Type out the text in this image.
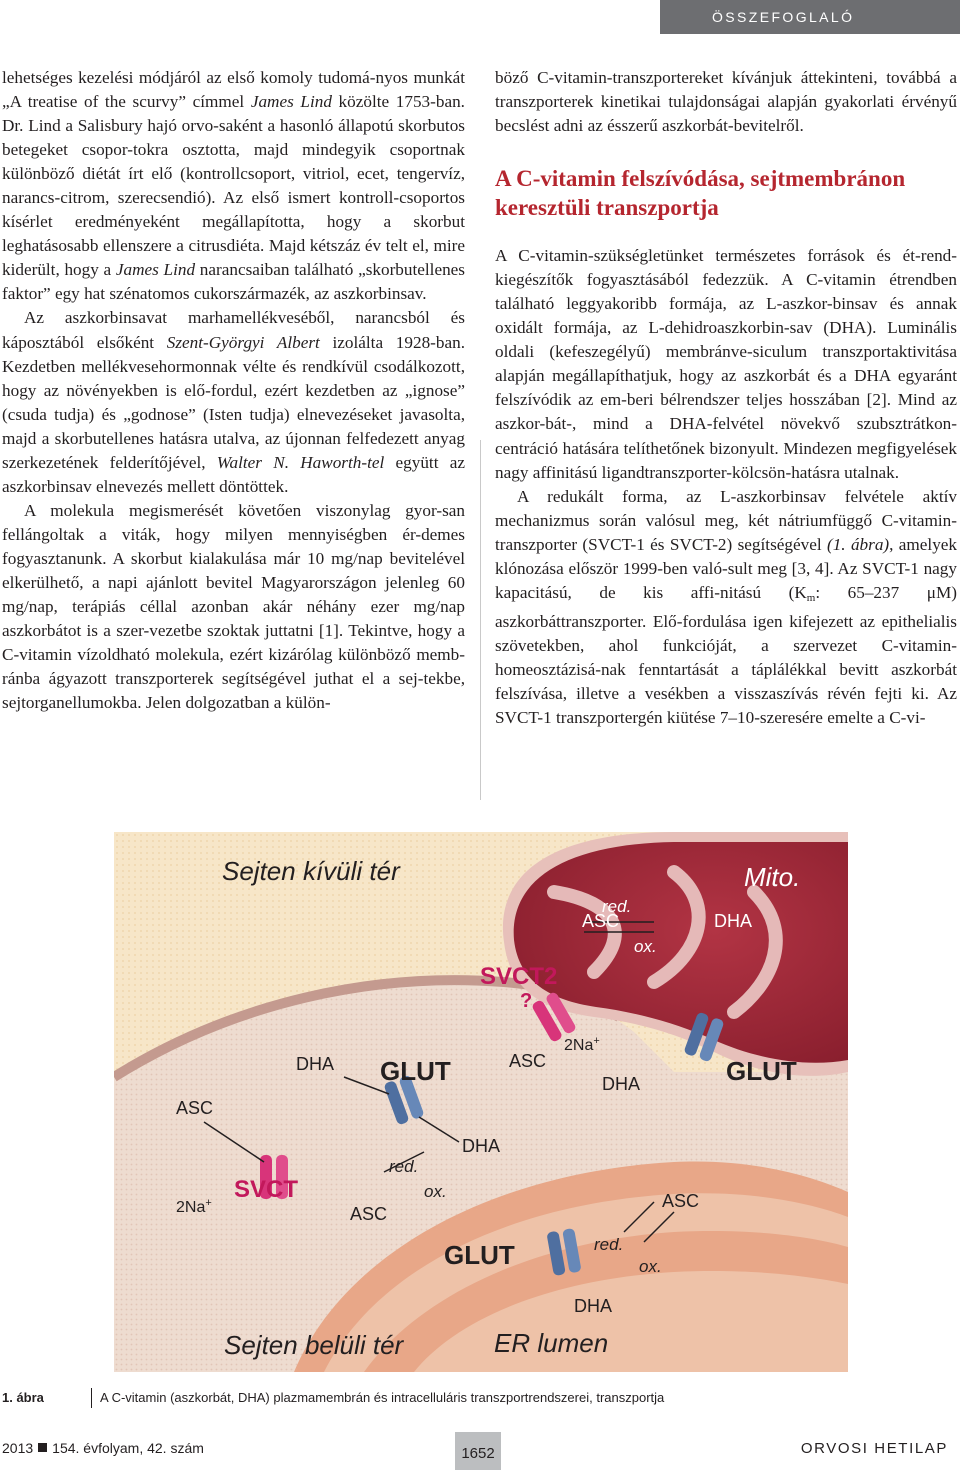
ÖSSZEFOGLALÓ KÖZLEMÉNY

lehetséges kezelési módjáról az első komoly tudomá-nyos munkát „A treatise of the scurvy” címmel James Lind közölte 1753-ban. Dr. Lind a Salisbury hajó orvo-saként a hasonló állapotú skorbutos betegeket csopor-tokra osztotta, majd mindegyik csoportnak különböző diétát írt elő (kontrollcsoport, vitriol, ecet, tengervíz, narancs-citrom, szerecsendió). Az első ismert kontroll-csoportos kísérlet eredményeként megállapította, hogy a skorbut leghatásosabb ellenszere a citrusdiéta. Majd kétszáz év telt el, mire kiderült, hogy a James Lind narancsaiban található „skorbutellenes faktor” egy hat szénatomos cukorszármazék, az aszkorbinsav.

Az aszkorbinsavat marhamellékveséből, narancsból és káposztából elsőként Szent-Györgyi Albert izolálta 1928-ban. Kezdetben mellékvesehormonnak vélte és rendkívül csodálkozott, hogy az növényekben is elő-fordul, ezért kezdetben az „ignose” (csuda tudja) és „godnose” (Isten tudja) elnevezéseket javasolta, majd a skorbutellenes hatásra utalva, az újonnan felfedezett anyag szerkezetének felderítőjével, Walter N. Haworth-tel együtt az aszkorbinsav elnevezés mellett döntöttek.

A molekula megismerését követően viszonylag gyor-san fellángoltak a viták, hogy milyen mennyiségben ér-demes fogyasztanunk. A skorbut kialakulása már 10 mg/nap bevitelével elkerülhető, a napi ajánlott bevitel Magyarországon jelenleg 60 mg/nap, terápiás céllal azonban akár néhány ezer mg/nap aszkorbátot is a szer-vezetbe szoktak juttatni [1]. Tekintve, hogy a C-vitamin vízoldható molekula, ezért kizárólag különböző memb-ránba ágyazott transzporterek segítségével juthat el a sej-tekbe, sejtorganellumokba. Jelen dolgozatban a külön-

böző C-vitamin-transzportereket kívánjuk áttekinteni, továbbá a transzporterek kinetikai tulajdonságai alapján gyakorlati érvényű becslést adni az ésszerű aszkorbát-bevitelről.

A C-vitamin felszívódása, sejtmembránon keresztüli transzportja

A C-vitamin-szükségletünket természetes források és ét-rend-kiegészítők fogyasztásából fedezzük. A C-vitamin étrendben található leggyakoribb formája, az L-aszkor-binsav és annak oxidált formája, az L-dehidroaszkorbin-sav (DHA). Luminális oldali (kefeszegélyű) membránve-siculum transzportaktivitása alapján megállapíthatjuk, hogy az aszkorbát és a DHA egyaránt felszívódik az em-beri bélrendszer teljes hosszában [2]. Mind az aszkor-bát-, mind a DHA-felvétel növekvő szubsztrátkon-centráció hatására telíthetőnek bizonyult. Mindezen megfigyelések nagy affinitású ligandtranszporter-kölcsön-hatásra utalnak.

A redukált forma, az L-aszkorbinsav felvétele aktív mechanizmus során valósul meg, két nátriumfüggő C-vitamin-transzporter (SVCT-1 és SVCT-2) segítségével (1. ábra), amelyek klónozása először 1999-ben való-sult meg [3, 4]. Az SVCT-1 nagy kapacitású, de kis affi-nitású ($K_m$: 65–237 μM) aszkorbáttranszporter. Elő-fordulása igen kifejezett az epithelialis szövetekben, ahol funkcióját, a szervezet C-vitamin-homeosztázisá-nak fenntartását a táplálékkal bevitt aszkorbát felszívása, illetve a vesékben a visszaszívás révén fejti ki. Az SVCT-1 transzportergén kiütése 7–10-szeresére emelte a C-vi-

Sejten kívüli tér
Sejten belüli tér	ER lumen
Mito.
SVCT
SVCT2
?
GLUT	GLUT
GLUT
ASC
ASC
ASC
ASC
ASC
DHA
DHA
DHA
DHA
DHA
2Na+
2Na+
red.
ox.
red.
ox.
red.
ox.
1. ábra	A C-vitamin (aszkorbát, DHA) plazmamembrán és intracelluláris transzportrendszerei, transzportja
2013 154. évfolyam, 42. szám	1652	ORVOSI HETILAP
